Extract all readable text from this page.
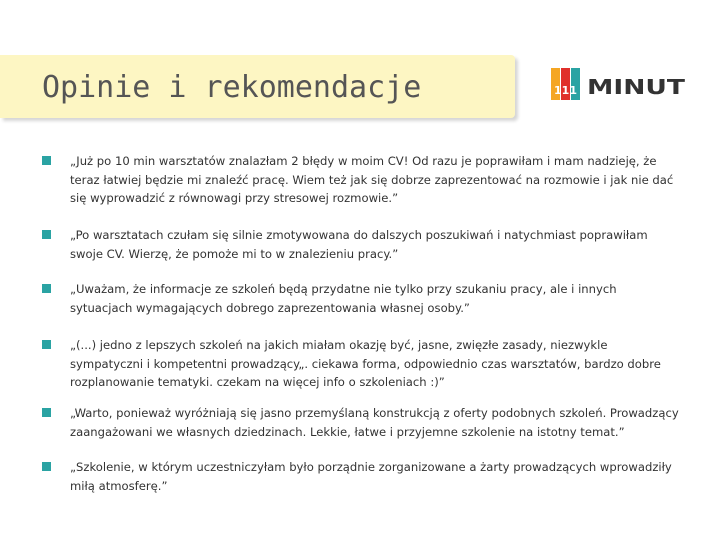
Opinie i rekomendacje	111 MINUT
„Już po 10 min warsztatów znalazłam 2 błędy w moim CV! Od razu je poprawiłam i mam nadzieję, że teraz łatwiej będzie mi znaleźć pracę. Wiem też jak się dobrze zaprezentować na rozmowie i jak nie dać się wyprowadzić z równowagi przy stresowej rozmowie.”
„Po warsztatach czułam się silnie zmotywowana do dalszych poszukiwań i natychmiast poprawiłam swoje CV. Wierzę, że pomoże mi to w znalezieniu pracy.”
„Uważam, że informacje ze szkoleń będą przydatne nie tylko przy szukaniu pracy, ale i innych sytuacjach wymagających dobrego zaprezentowania własnej osoby.”
„(...) jedno z lepszych szkoleń na jakich miałam okazję być, jasne, zwięzłe zasady, niezwykle sympatyczni i kompetentni prowadzący„. ciekawa forma, odpowiednio czas warsztatów, bardzo dobre rozplanowanie tematyki. czekam na więcej info o szkoleniach :)”
„Warto, ponieważ wyróżniają się jasno przemyślaną konstrukcją z oferty podobnych szkoleń. Prowadzący zaangażowani we własnych dziedzinach. Lekkie, łatwe i przyjemne szkolenie na istotny temat.”
„Szkolenie, w którym uczestniczyłam było porządnie zorganizowane a żarty prowadzących wprowadziły miłą atmosferę.”
